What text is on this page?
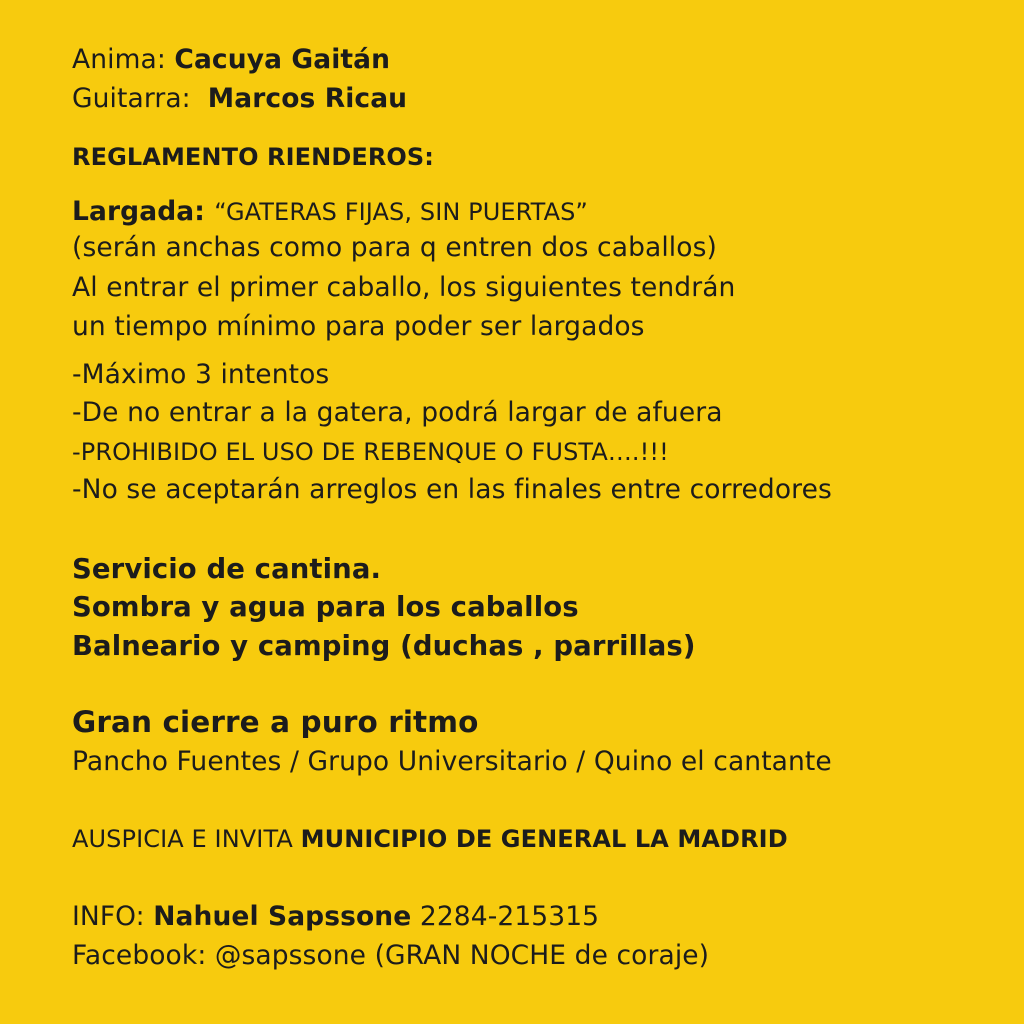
Anima: Cacuya Gaitán
Guitarra:  Marcos Ricau
REGLAMENTO RIENDEROS:
Largada: “GATERAS FIJAS, SIN PUERTAS”
(serán anchas como para q entren dos caballos)
Al entrar el primer caballo, los siguientes tendrán
un tiempo mínimo para poder ser largados
-Máximo 3 intentos
-De no entrar a la gatera, podrá largar de afuera
-PROHIBIDO EL USO DE REBENQUE O FUSTA….!!!
-No se aceptarán arreglos en las finales entre corredores
Servicio de cantina.
Sombra y agua para los caballos
Balneario y camping (duchas , parrillas)
Gran cierre a puro ritmo
Pancho Fuentes / Grupo Universitario / Quino el cantante
AUSPICIA E INVITA MUNICIPIO DE GENERAL LA MADRID
INFO: Nahuel Sapssone 2284-215315
Facebook: @sapssone (GRAN NOCHE de coraje)
